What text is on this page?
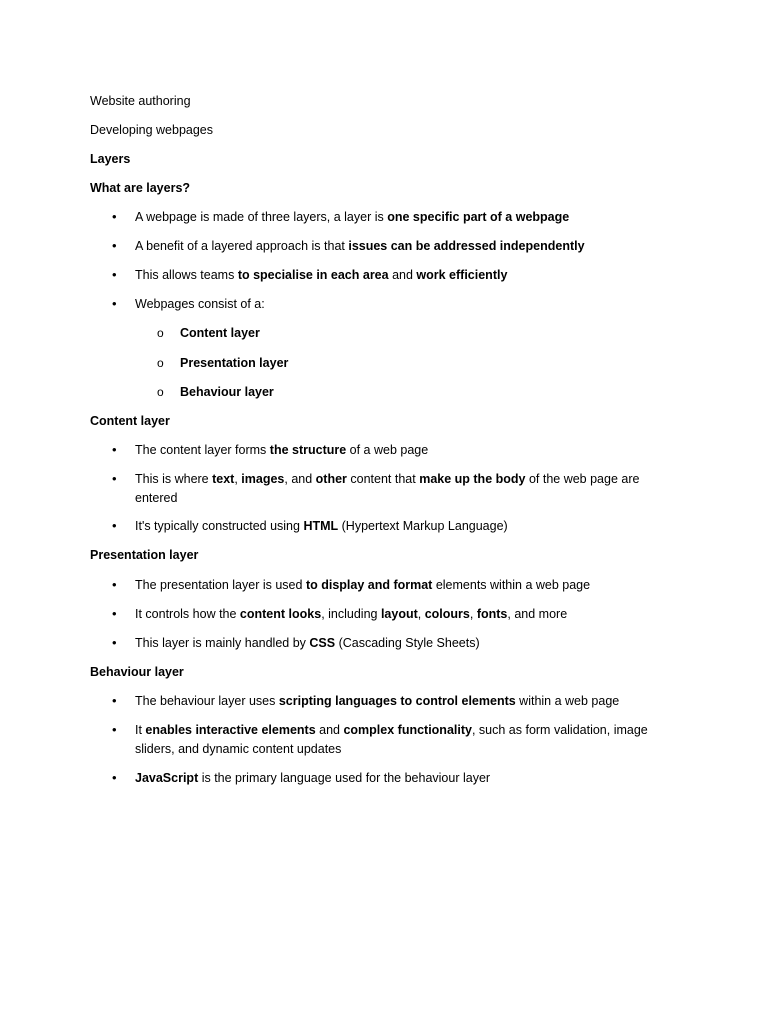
Website authoring
Developing webpages
Layers
What are layers?
• A webpage is made of three layers, a layer is one specific part of a webpage
• A benefit of a layered approach is that issues can be addressed independently
• This allows teams to specialise in each area and work efficiently
• Webpages consist of a:
o Content layer
o Presentation layer
o Behaviour layer
Content layer
• The content layer forms the structure of a web page
• This is where text, images, and other content that make up the body of the web page are entered
• It's typically constructed using HTML (Hypertext Markup Language)
Presentation layer
• The presentation layer is used to display and format elements within a web page
• It controls how the content looks, including layout, colours, fonts, and more
• This layer is mainly handled by CSS (Cascading Style Sheets)
Behaviour layer
• The behaviour layer uses scripting languages to control elements within a web page
• It enables interactive elements and complex functionality, such as form validation, image sliders, and dynamic content updates
• JavaScript is the primary language used for the behaviour layer
